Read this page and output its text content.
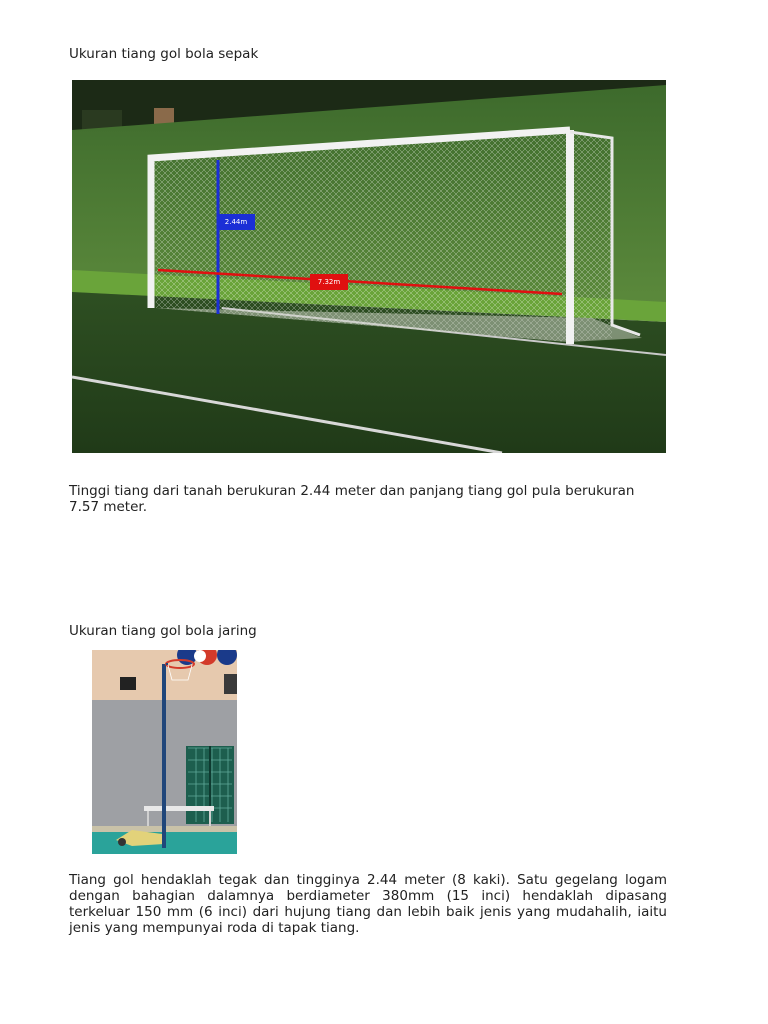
Ukuran tiang gol bola sepak
2.44m
7.32m
Tinggi tiang dari tanah berukuran 2.44 meter dan panjang tiang gol pula berukuran 7.57 meter.
Ukuran tiang gol bola jaring
Tiang gol hendaklah tegak dan tingginya 2.44 meter (8 kaki). Satu gegelang logam dengan bahagian dalamnya berdiameter 380mm (15 inci) hendaklah dipasang terkeluar 150 mm (6 inci) dari hujung tiang dan lebih baik jenis yang mudahalih, iaitu jenis yang mempunyai roda di tapak tiang.
